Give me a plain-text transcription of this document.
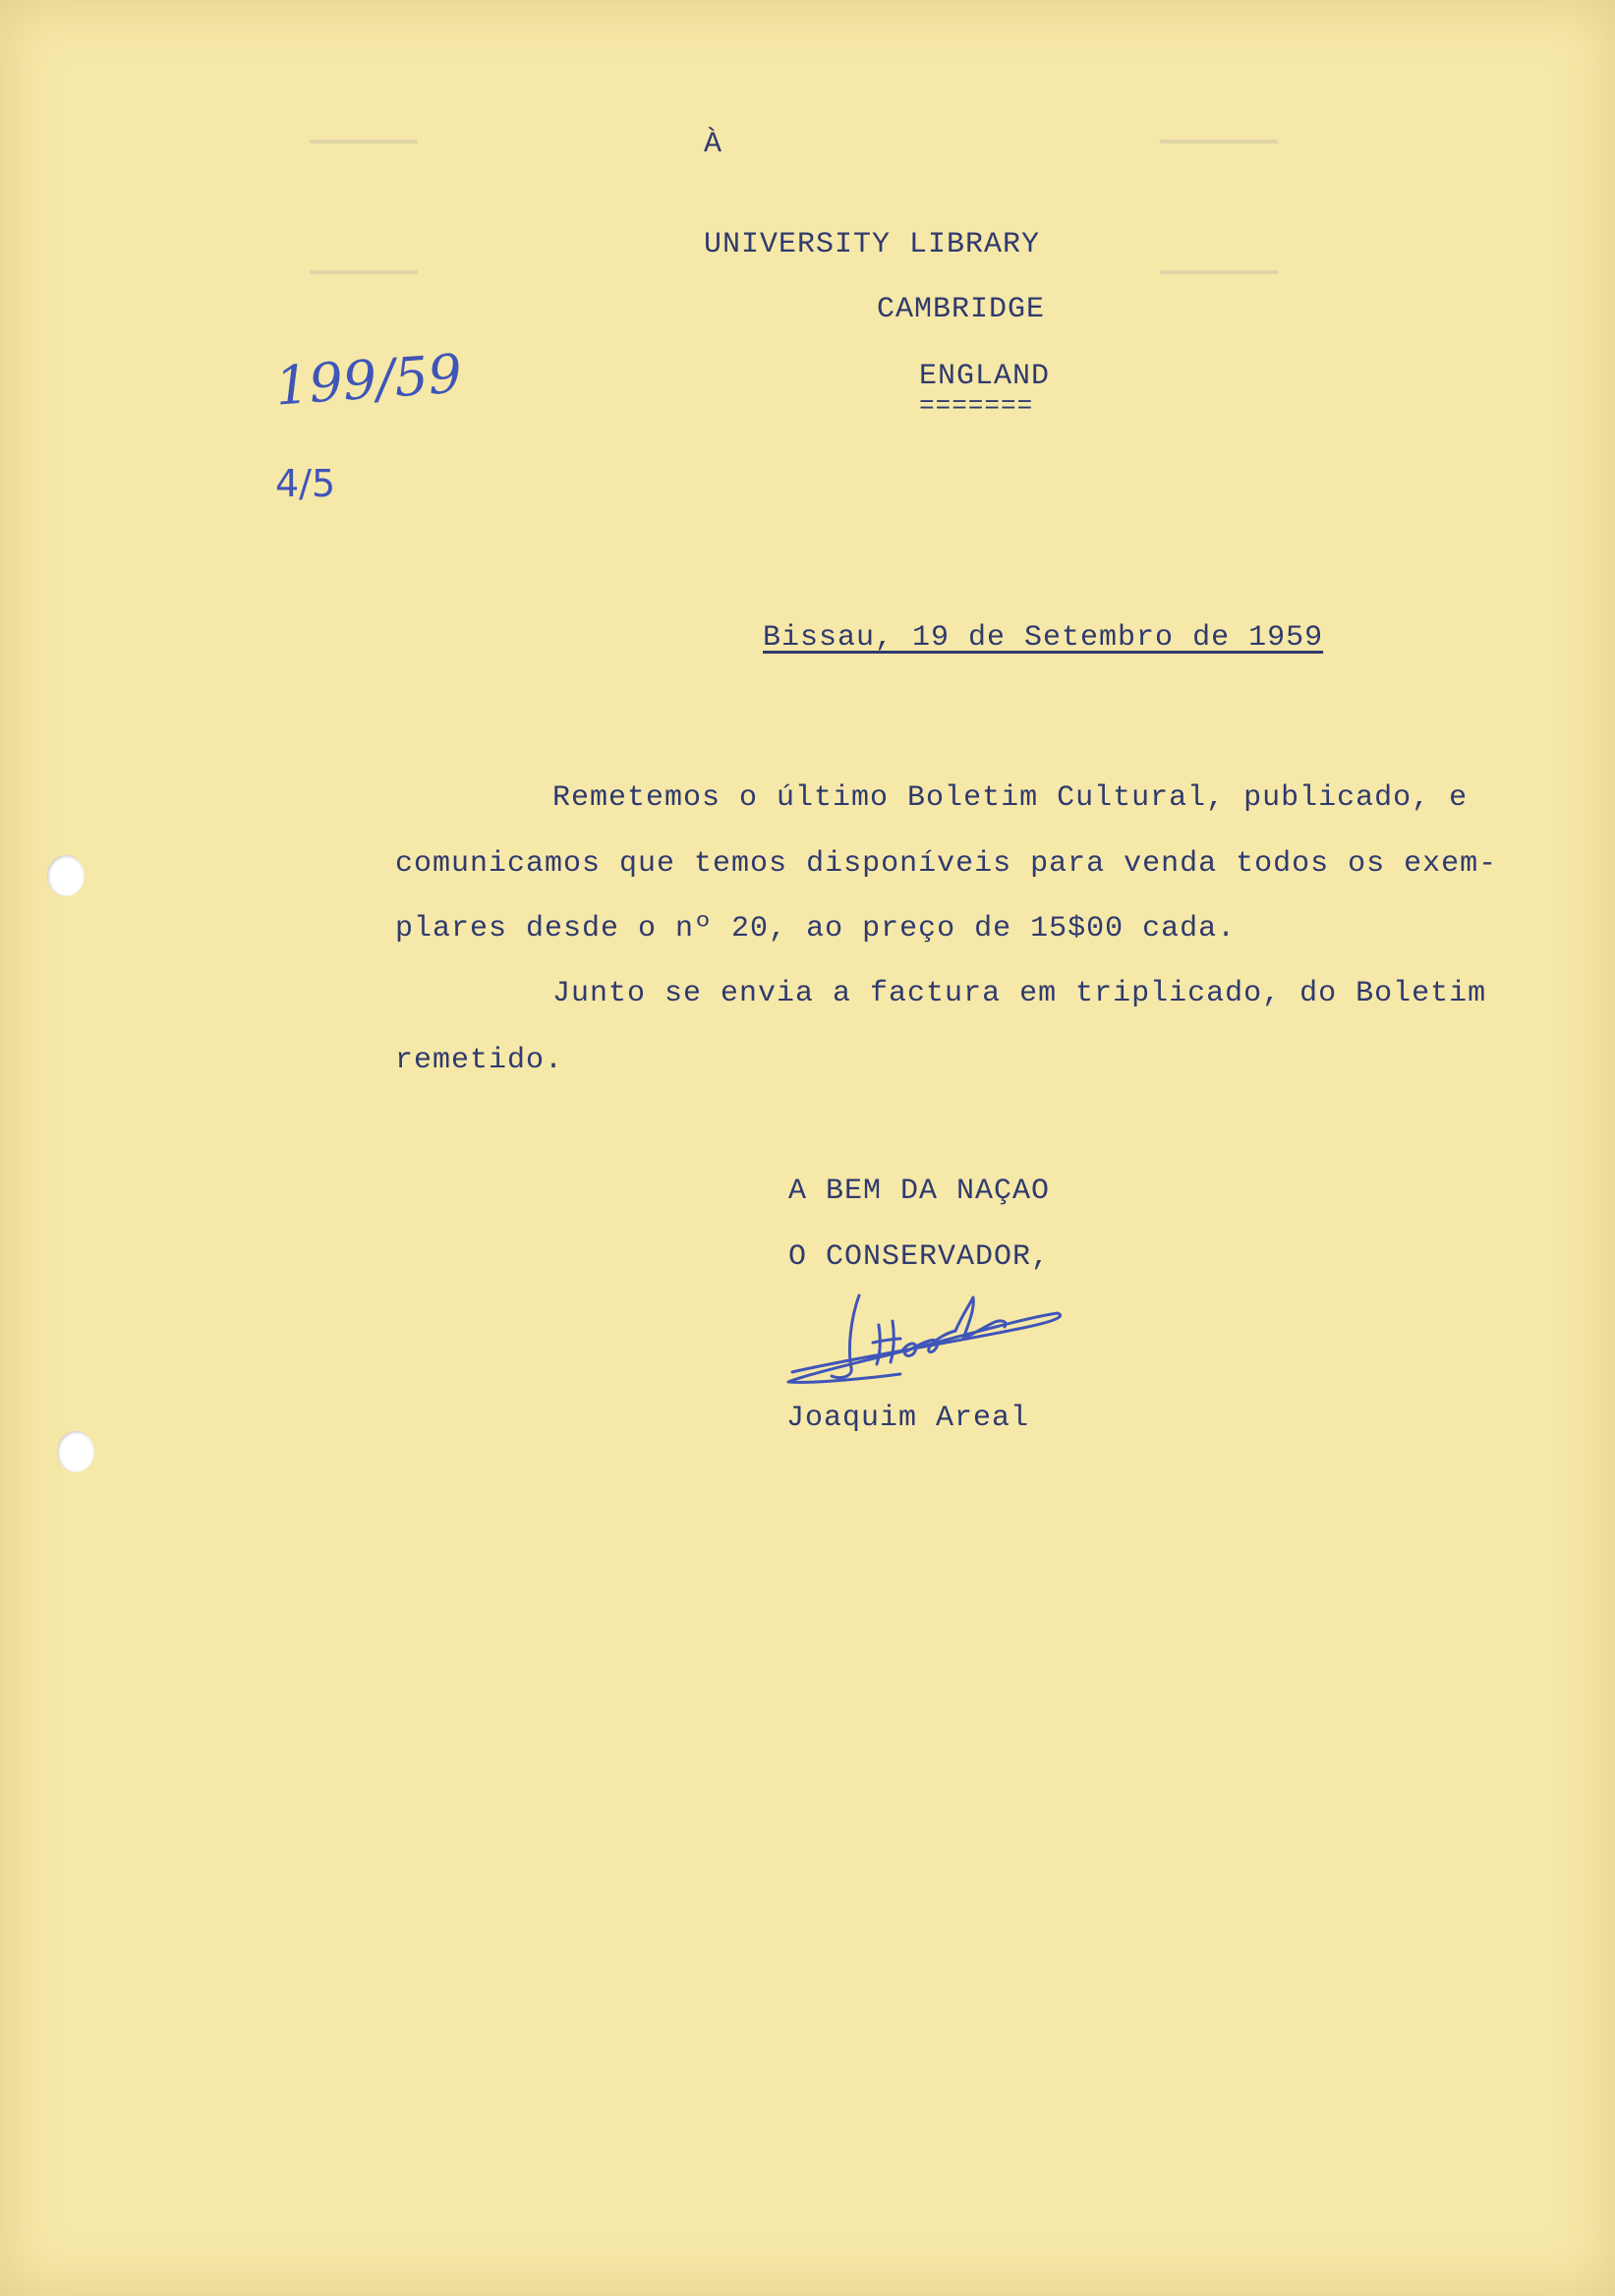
À

UNIVERSITY LIBRARY

CAMBRIDGE

ENGLAND

=======

199/59

4/5

Bissau, 19 de Setembro de 1959

Remetemos o último Boletim Cultural, publicado, e

comunicamos que temos disponíveis para venda todos os exem-

plares desde o nº 20, ao preço de 15$00 cada.

Junto se envia a factura em triplicado, do Boletim

remetido.

A BEM DA NAÇAO

O CONSERVADOR,

Joaquim Areal
